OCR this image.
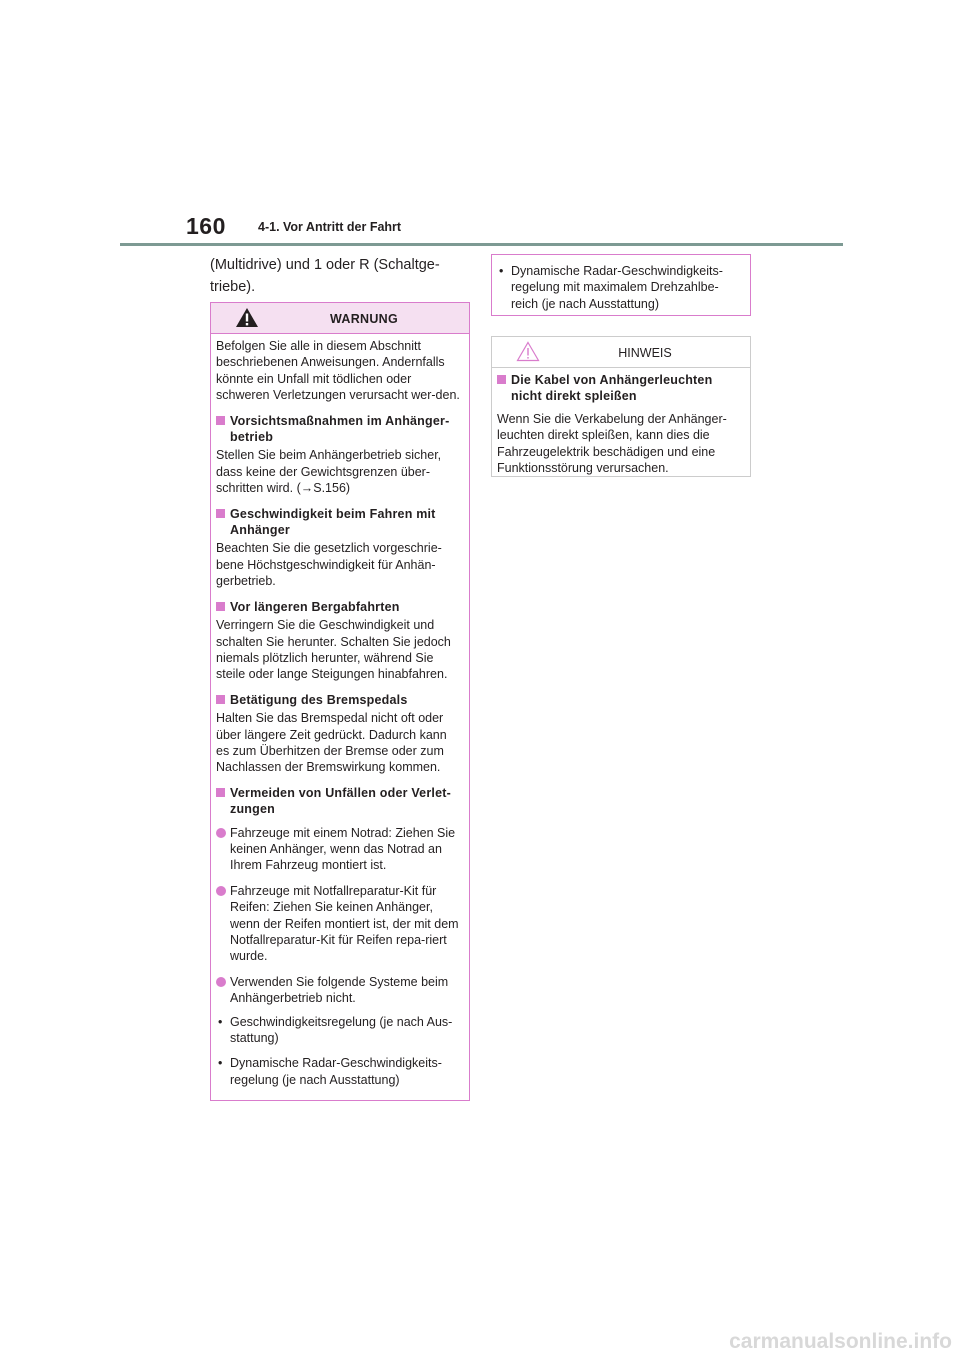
160	4-1. Vor Antritt der Fahrt
(Multidrive) und 1 oder R (Schaltge-triebe).
WARNUNG

Befolgen Sie alle in diesem Abschnitt beschriebenen Anweisungen. Andernfalls könnte ein Unfall mit tödlichen oder schweren Verletzungen verursacht wer-den.

Vorsichtsmaßnahmen im Anhänger-betrieb

Stellen Sie beim Anhängerbetrieb sicher, dass keine der Gewichtsgrenzen über-schritten wird. (→S.156)

Geschwindigkeit beim Fahren mit Anhänger

Beachten Sie die gesetzlich vorgeschrie-bene Höchstgeschwindigkeit für Anhän-gerbetrieb.

Vor längeren Bergabfahrten

Verringern Sie die Geschwindigkeit und schalten Sie herunter. Schalten Sie jedoch niemals plötzlich herunter, während Sie steile oder lange Steigungen hinabfahren.

Betätigung des Bremspedals

Halten Sie das Bremspedal nicht oft oder über längere Zeit gedrückt. Dadurch kann es zum Überhitzen der Bremse oder zum Nachlassen der Bremswirkung kommen.

Vermeiden von Unfällen oder Verlet-zungen
Fahrzeuge mit einem Notrad: Ziehen Sie keinen Anhänger, wenn das Notrad an Ihrem Fahrzeug montiert ist.
Fahrzeuge mit Notfallreparatur-Kit für Reifen: Ziehen Sie keinen Anhänger, wenn der Reifen montiert ist, der mit dem Notfallreparatur-Kit für Reifen repa-riert wurde.
Verwenden Sie folgende Systeme beim Anhängerbetrieb nicht.
• Geschwindigkeitsregelung (je nach Aus-stattung)
• Dynamische Radar-Geschwindigkeits-regelung (je nach Ausstattung)
• Dynamische Radar-Geschwindigkeits-regelung mit maximalem Drehzahlbe-reich (je nach Ausstattung)
HINWEIS
Die Kabel von Anhängerleuchten nicht direkt spleißen

Wenn Sie die Verkabelung der Anhänger-leuchten direkt spleißen, kann dies die Fahrzeugelektrik beschädigen und eine Funktionsstörung verursachen.

carmanualsonline.info
